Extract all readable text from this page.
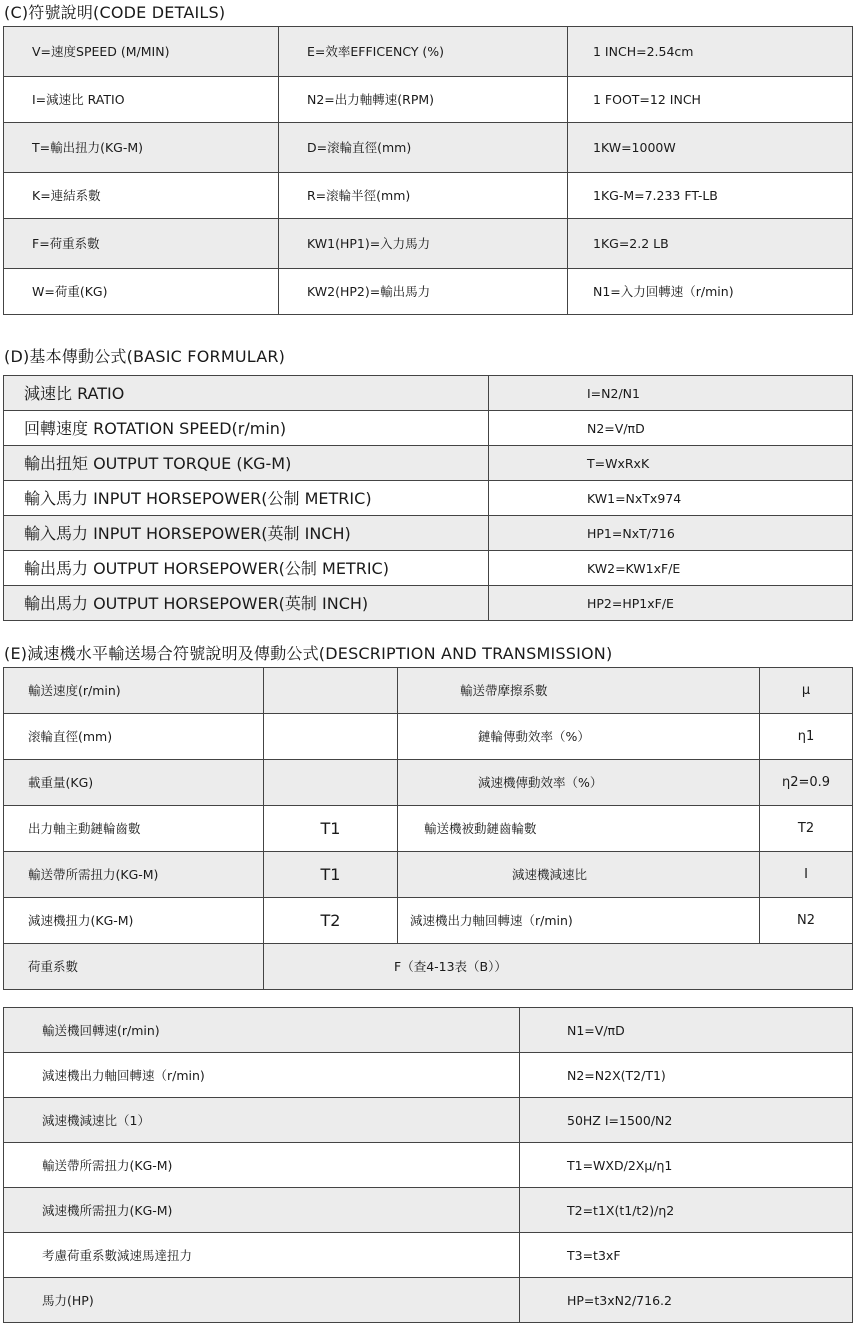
(C)符號說明(CODE DETAILS)
V=速度SPEED (M/MIN)	E=效率EFFICENCY (%)	1 INCH=2.54cm

I=減速比 RATIO	N2=出力軸轉速(RPM)	1 FOOT=12 INCH

T=輸出扭力(KG-M)	D=滚輪直徑(mm)	1KW=1000W

K=連結系數	R=滚輪半徑(mm)	1KG-M=7.233 FT-LB

F=荷重系數	KW1(HP1)=入力馬力	1KG=2.2 LB

W=荷重(KG)	KW2(HP2)=輸出馬力	N1=入力回轉速（r/min)
(D)基本傳動公式(BASIC FORMULAR)
減速比 RATIO	I=N2/N1
回轉速度 ROTATION SPEED(r/min)	N2=V/πD
輸出扭矩 OUTPUT TORQUE (KG-M)	T=WxRxK
輸入馬力 INPUT HORSEPOWER(公制 METRIC)	KW1=NxTx974
輸入馬力 INPUT HORSEPOWER(英制 INCH)	HP1=NxT/716
輸出馬力 OUTPUT HORSEPOWER(公制 METRIC)	KW2=KW1xF/E
輸出馬力 OUTPUT HORSEPOWER(英制 INCH)	HP2=HP1xF/E
(E)減速機水平輸送場合符號說明及傳動公式(DESCRIPTION AND TRANSMISSION)
輸送速度(r/min)		輸送帶摩擦系數	μ

滚輪直徑(mm)		鏈輪傳動效率（%）	η1

載重量(KG)		減速機傳動效率（%）	η2=0.9

出力軸主動鏈輪齒數	T1	輸送機被動鏈齒輪數	T2

輸送帶所需扭力(KG-M)	T1	減速機減速比	I

減速機扭力(KG-M)	T2	減速機出力軸回轉速（r/min)	N2

荷重系數	F（查4-13表（B））		
輸送機回轉速(r/min)	N1=V/πD

減速機出力軸回轉速（r/min)	N2=N2X(T2/T1)

減速機減速比（1）	50HZ I=1500/N2

輸送帶所需扭力(KG-M)	T1=WXD/2Xμ/η1

減速機所需扭力(KG-M)	T2=t1X(t1/t2)/η2

考慮荷重系數減速馬達扭力	T3=t3xF

馬力(HP)	HP=t3xN2/716.2
